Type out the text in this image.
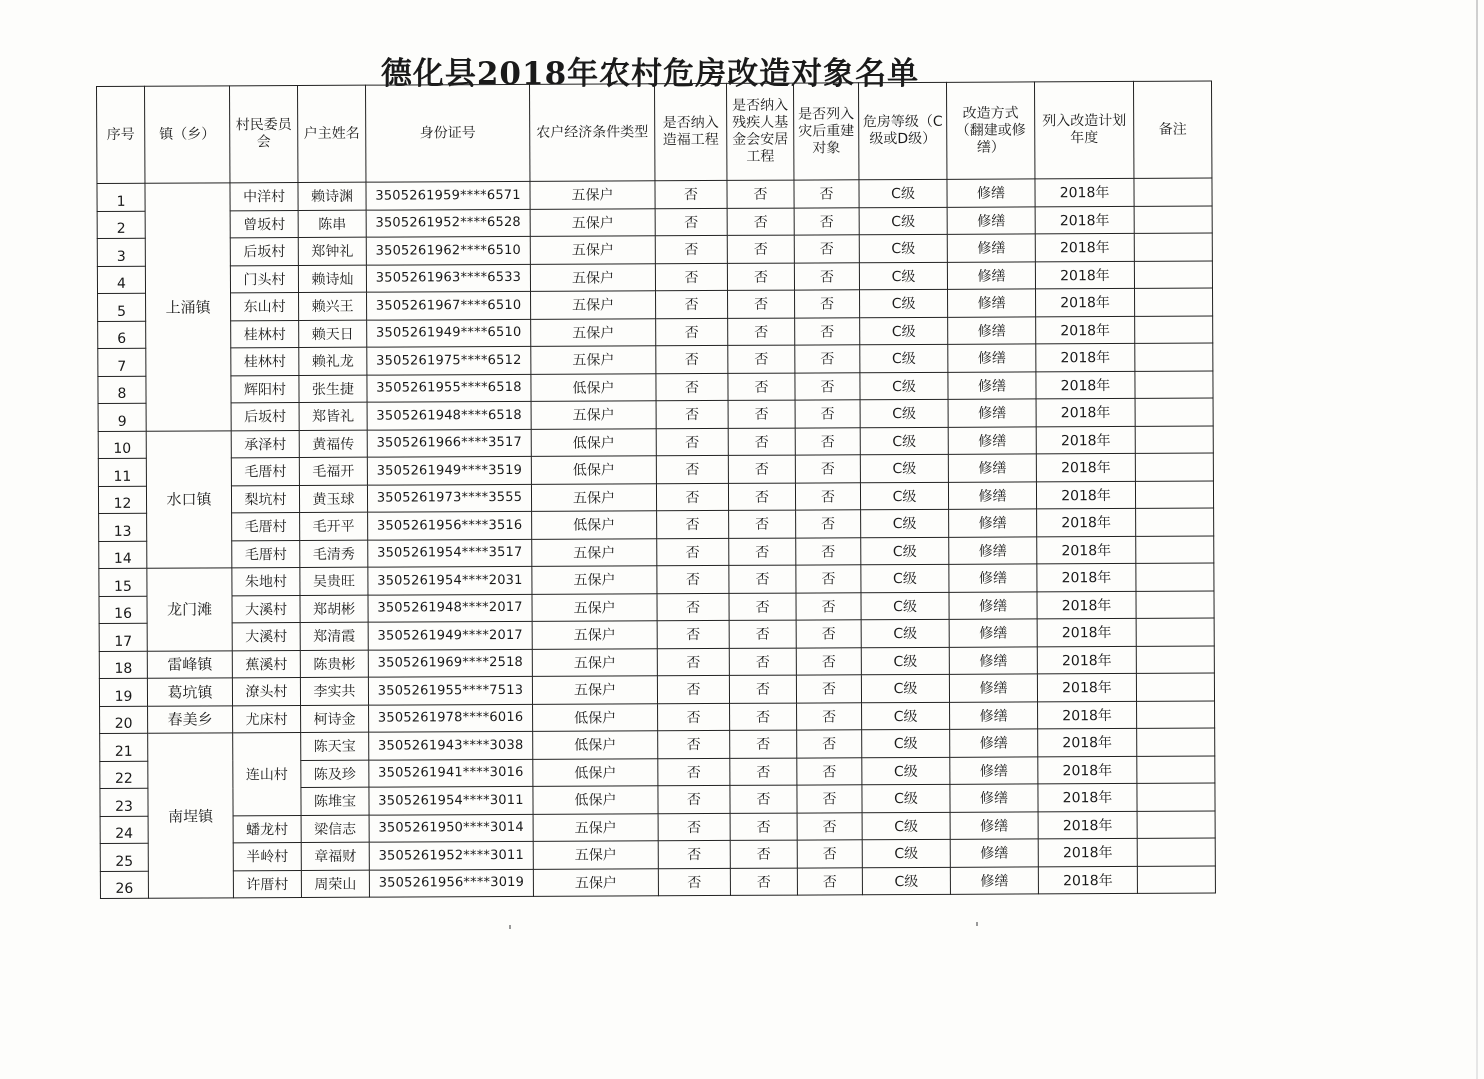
德化县2018年农村危房改造对象名单
序号	镇（乡）	村民委员会	户主姓名	身份证号	农户经济条件类型	是否纳入造福工程	是否纳入残疾人基金会安居工程	是否列入灾后重建对象	危房等级（C级或D级）	改造方式（翻建或修缮）	列入改造计划年度	备注
1	上涌镇	中洋村	赖诗渊	3505261959****6571	五保户	否	否	否	C级	修缮	2018年	
2		曾坂村	陈串	3505261952****6528	五保户	否	否	否	C级	修缮	2018年	
3		后坂村	郑钟礼	3505261962****6510	五保户	否	否	否	C级	修缮	2018年	
4		门头村	赖诗灿	3505261963****6533	五保户	否	否	否	C级	修缮	2018年	
5		东山村	赖兴王	3505261967****6510	五保户	否	否	否	C级	修缮	2018年	
6		桂林村	赖天日	3505261949****6510	五保户	否	否	否	C级	修缮	2018年	
7		桂林村	赖礼龙	3505261975****6512	五保户	否	否	否	C级	修缮	2018年	
8		辉阳村	张生捷	3505261955****6518	低保户	否	否	否	C级	修缮	2018年	
9		后坂村	郑皆礼	3505261948****6518	五保户	否	否	否	C级	修缮	2018年	
10	水口镇	承泽村	黄福传	3505261966****3517	低保户	否	否	否	C级	修缮	2018年	
11		毛厝村	毛福开	3505261949****3519	低保户	否	否	否	C级	修缮	2018年	
12		梨坑村	黄玉球	3505261973****3555	五保户	否	否	否	C级	修缮	2018年	
13		毛厝村	毛开平	3505261956****3516	低保户	否	否	否	C级	修缮	2018年	
14		毛厝村	毛清秀	3505261954****3517	五保户	否	否	否	C级	修缮	2018年	
15	龙门滩	朱地村	吴贵旺	3505261954****2031	五保户	否	否	否	C级	修缮	2018年	
16		大溪村	郑胡彬	3505261948****2017	五保户	否	否	否	C级	修缮	2018年	
17		大溪村	郑清霞	3505261949****2017	五保户	否	否	否	C级	修缮	2018年	
18	雷峰镇	蕉溪村	陈贵彬	3505261969****2518	五保户	否	否	否	C级	修缮	2018年	
19	葛坑镇	潦头村	李实共	3505261955****7513	五保户	否	否	否	C级	修缮	2018年	
20	春美乡	尤床村	柯诗金	3505261978****6016	低保户	否	否	否	C级	修缮	2018年	
21	南埕镇	连山村	陈天宝	3505261943****3038	低保户	否	否	否	C级	修缮	2018年	
22			陈及珍	3505261941****3016	低保户	否	否	否	C级	修缮	2018年	
23			陈堆宝	3505261954****3011	低保户	否	否	否	C级	修缮	2018年	
24		蟠龙村	梁信志	3505261950****3014	五保户	否	否	否	C级	修缮	2018年	
25		半岭村	章福财	3505261952****3011	五保户	否	否	否	C级	修缮	2018年	
26		许厝村	周荣山	3505261956****3019	五保户	否	否	否	C级	修缮	2018年	
